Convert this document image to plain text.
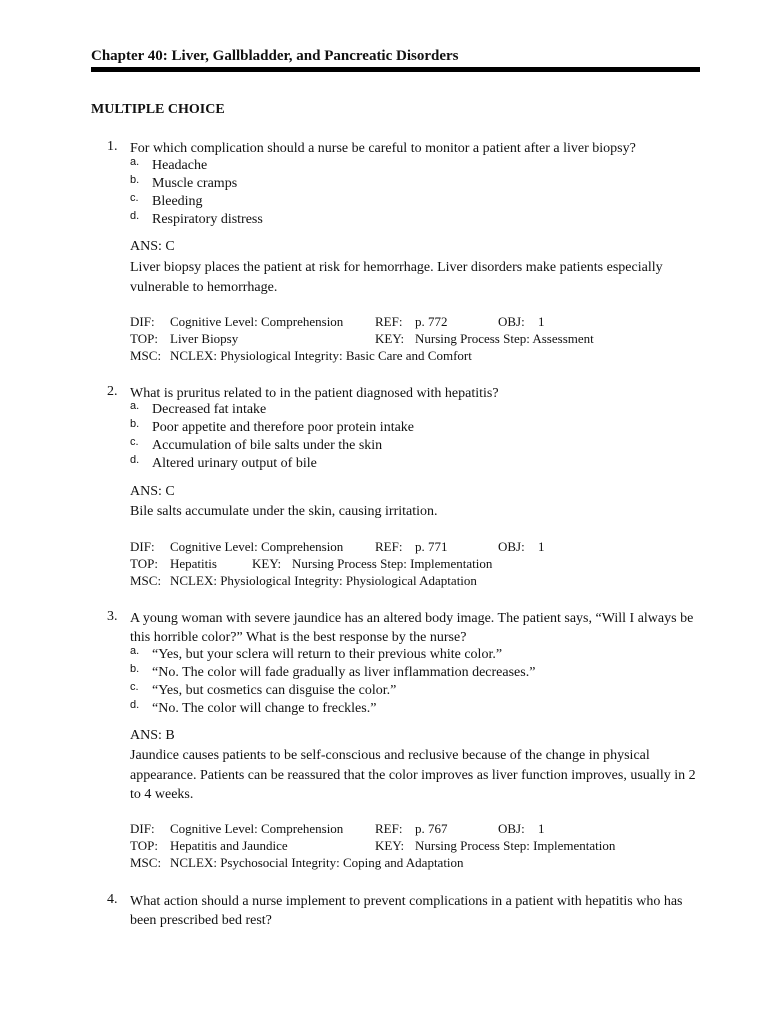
Chapter 40: Liver, Gallbladder, and Pancreatic Disorders
MULTIPLE CHOICE
1. For which complication should a nurse be careful to monitor a patient after a liver biopsy?
a. Headache
b. Muscle cramps
c. Bleeding
d. Respiratory distress
ANS: C
Liver biopsy places the patient at risk for hemorrhage. Liver disorders make patients especially vulnerable to hemorrhage.
DIF: Cognitive Level: Comprehension REF: p. 772	OBJ: 1
TOP: Liver Biopsy	KEY: Nursing Process Step: Assessment
MSC: NCLEX: Physiological Integrity: Basic Care and Comfort
2. What is pruritus related to in the patient diagnosed with hepatitis?
a. Decreased fat intake
b. Poor appetite and therefore poor protein intake
c. Accumulation of bile salts under the skin
d. Altered urinary output of bile
ANS: C
Bile salts accumulate under the skin, causing irritation.
DIF: Cognitive Level: Comprehension REF: p. 771	OBJ: 1
TOP: Hepatitis	KEY: Nursing Process Step: Implementation
MSC: NCLEX: Physiological Integrity: Physiological Adaptation
3. A young woman with severe jaundice has an altered body image. The patient says, “Will I always be this horrible color?” What is the best response by the nurse?
a. “Yes, but your sclera will return to their previous white color.”
b. “No. The color will fade gradually as liver inflammation decreases.”
c. “Yes, but cosmetics can disguise the color.”
d. “No. The color will change to freckles.”
ANS: B
Jaundice causes patients to be self-conscious and reclusive because of the change in physical appearance. Patients can be reassured that the color improves as liver function improves, usually in 2 to 4 weeks.
DIF: Cognitive Level: Comprehension REF: p. 767	OBJ: 1
TOP: Hepatitis and Jaundice	KEY: Nursing Process Step: Implementation
MSC: NCLEX: Psychosocial Integrity: Coping and Adaptation
4. What action should a nurse implement to prevent complications in a patient with hepatitis who has been prescribed bed rest?
